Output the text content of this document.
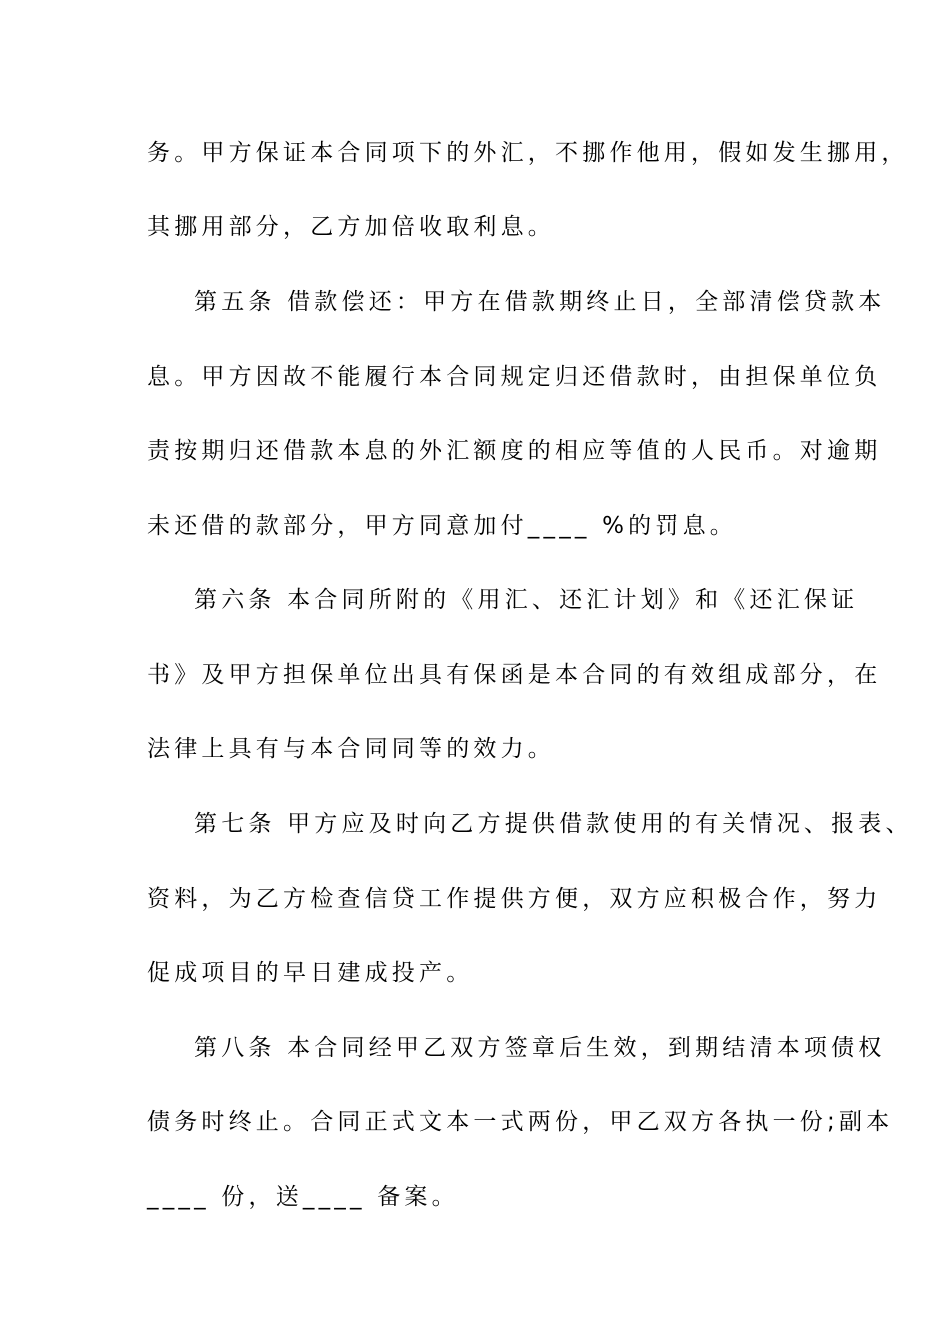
务。甲方保证本合同项下的外汇，不挪作他用，假如发生挪用，
其挪用部分，乙方加倍收取利息。
第五条 借款偿还：甲方在借款期终止日，全部清偿贷款本
息。甲方因故不能履行本合同规定归还借款时，由担保单位负
责按期归还借款本息的外汇额度的相应等值的人民币。对逾期
未还借的款部分，甲方同意加付____ %的罚息。
第六条 本合同所附的《用汇、还汇计划》和《还汇保证
书》及甲方担保单位出具有保函是本合同的有效组成部分，在
法律上具有与本合同同等的效力。
第七条 甲方应及时向乙方提供借款使用的有关情况、报表、
资料，为乙方检查信贷工作提供方便，双方应积极合作，努力
促成项目的早日建成投产。
第八条 本合同经甲乙双方签章后生效，到期结清本项债权
债务时终止。合同正式文本一式两份，甲乙双方各执一份;副本
____ 份，送____ 备案。
